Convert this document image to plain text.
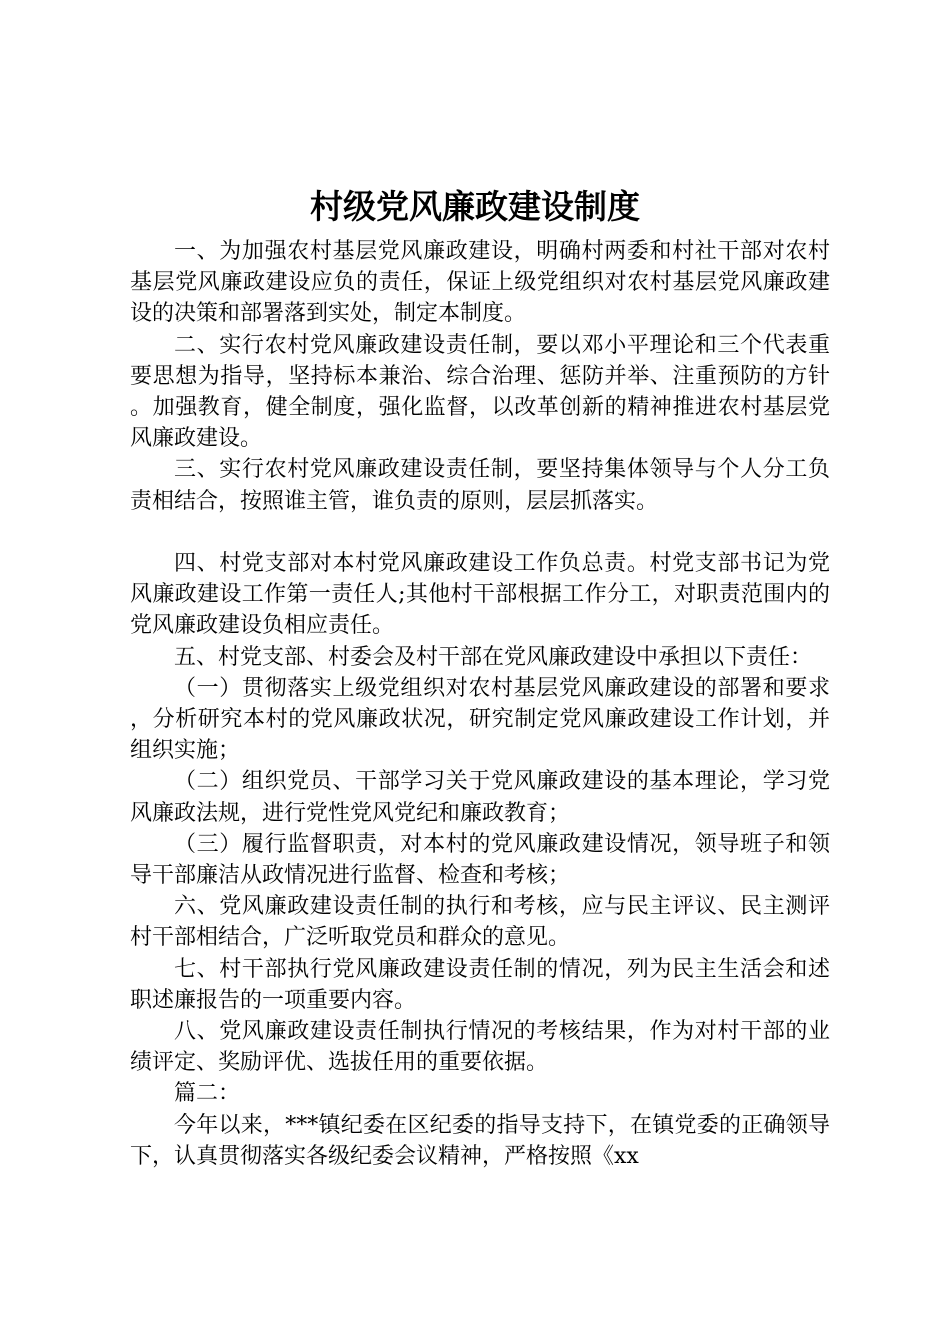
村级党风廉政建设制度

一、为加强农村基层党风廉政建设，明确村两委和村社干部对农村基层党风廉政建设应负的责任，保证上级党组织对农村基层党风廉政建设的决策和部署落到实处，制定本制度。

二、实行农村党风廉政建设责任制，要以邓小平理论和三个代表重要思想为指导，坚持标本兼治、综合治理、惩防并举、注重预防的方针。加强教育，健全制度，强化监督，以改革创新的精神推进农村基层党风廉政建设。

三、实行农村党风廉政建设责任制，要坚持集体领导与个人分工负责相结合，按照谁主管，谁负责的原则，层层抓落实。

四、村党支部对本村党风廉政建设工作负总责。村党支部书记为党风廉政建设工作第一责任人;其他村干部根据工作分工，对职责范围内的党风廉政建设负相应责任。

五、村党支部、村委会及村干部在党风廉政建设中承担以下责任：

（一）贯彻落实上级党组织对农村基层党风廉政建设的部署和要求，分析研究本村的党风廉政状况，研究制定党风廉政建设工作计划，并组织实施；

（二）组织党员、干部学习关于党风廉政建设的基本理论，学习党风廉政法规，进行党性党风党纪和廉政教育；

（三）履行监督职责，对本村的党风廉政建设情况，领导班子和领导干部廉洁从政情况进行监督、检查和考核；

六、党风廉政建设责任制的执行和考核，应与民主评议、民主测评村干部相结合，广泛听取党员和群众的意见。

七、村干部执行党风廉政建设责任制的情况，列为民主生活会和述职述廉报告的一项重要内容。

八、党风廉政建设责任制执行情况的考核结果，作为对村干部的业绩评定、奖励评优、选拔任用的重要依据。

篇二：

今年以来，***镇纪委在区纪委的指导支持下，在镇党委的正确领导下，认真贯彻落实各级纪委会议精神，严格按照《xx
